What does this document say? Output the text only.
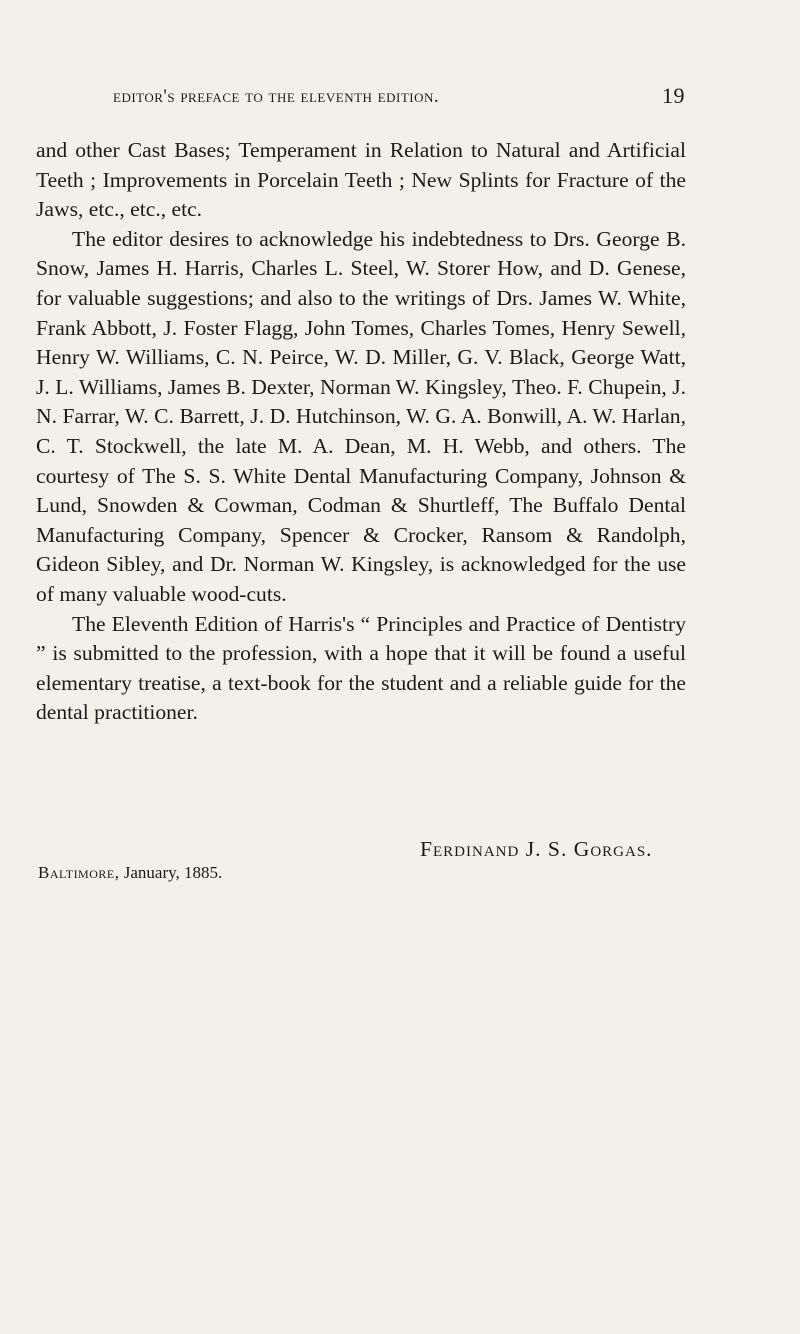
editor's preface to the eleventh edition.	19

and other Cast Bases; Temperament in Relation to Natural and Artificial Teeth ; Improvements in Porcelain Teeth ; New Splints for Fracture of the Jaws, etc., etc., etc.

The editor desires to acknowledge his indebtedness to Drs. George B. Snow, James H. Harris, Charles L. Steel, W. Storer How, and D. Genese, for valuable suggestions; and also to the writings of Drs. James W. White, Frank Abbott, J. Foster Flagg, John Tomes, Charles Tomes, Henry Sewell, Henry W. Williams, C. N. Peirce, W. D. Miller, G. V. Black, George Watt, J. L. Williams, James B. Dexter, Norman W. Kingsley, Theo. F. Chupein, J. N. Farrar, W. C. Barrett, J. D. Hutchinson, W. G. A. Bonwill, A. W. Harlan, C. T. Stockwell, the late M. A. Dean, M. H. Webb, and others. The courtesy of The S. S. White Dental Manufacturing Company, Johnson & Lund, Snowden & Cowman, Codman & Shurtleff, The Buffalo Dental Manufacturing Company, Spencer & Crocker, Ransom & Randolph, Gideon Sibley, and Dr. Norman W. Kingsley, is acknowledged for the use of many valuable wood-cuts.

The Eleventh Edition of Harris's “ Principles and Practice of Dentistry ” is submitted to the profession, with a hope that it will be found a useful elementary treatise, a text-book for the student and a reliable guide for the dental practitioner.

Ferdinand J. S. Gorgas.
Baltimore, January, 1885.
